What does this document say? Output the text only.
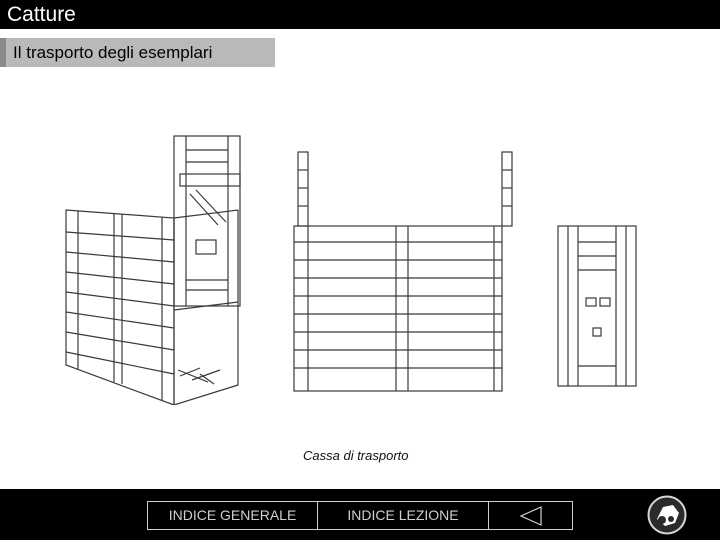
Catture
Il trasporto degli esemplari
Cassa di trasporto
INDICE GENERALE	INDICE LEZIONE
